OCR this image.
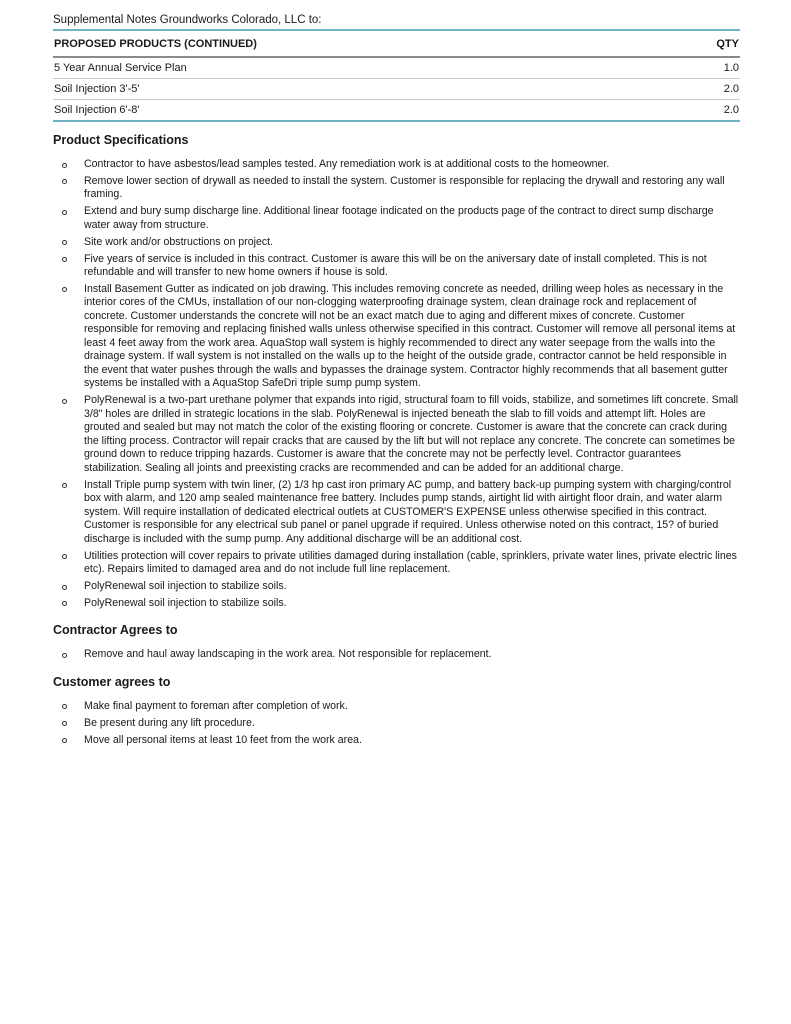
Supplemental Notes Groundworks Colorado, LLC to:
PROPOSED PRODUCTS (CONTINUED)	QTY
5 Year Annual Service Plan	1.0
Soil Injection 3'-5'	2.0
Soil Injection 6'-8'	2.0
Product Specifications
Contractor to have asbestos/lead samples tested. Any remediation work is at additional costs to the homeowner.
Remove lower section of drywall as needed to install the system. Customer is responsible for replacing the drywall and restoring any wall framing.
Extend and bury sump discharge line. Additional linear footage indicated on the products page of the contract to direct sump discharge water away from structure.
Site work and/or obstructions on project.
Five years of service is included in this contract. Customer is aware this will be on the aniversary date of install completed. This is not refundable and will transfer to new home owners if house is sold.
Install Basement Gutter as indicated on job drawing. This includes removing concrete as needed, drilling weep holes as necessary in the interior cores of the CMUs, installation of our non-clogging waterproofing drainage system, clean drainage rock and replacement of concrete. Customer understands the concrete will not be an exact match due to aging and different mixes of concrete. Customer responsible for removing and replacing finished walls unless otherwise specified in this contract. Customer will remove all personal items at least 4 feet away from the work area. AquaStop wall system is highly recommended to direct any water seepage from the walls into the drainage system. If wall system is not installed on the walls up to the height of the outside grade, contractor cannot be held responsible in the event that water pushes through the walls and bypasses the drainage system. Contractor highly recommends that all basement gutter systems be installed with a AquaStop SafeDri triple sump pump system.
PolyRenewal is a two-part urethane polymer that expands into rigid, structural foam to fill voids, stabilize, and sometimes lift concrete. Small 3/8" holes are drilled in strategic locations in the slab. PolyRenewal is injected beneath the slab to fill voids and attempt lift. Holes are grouted and sealed but may not match the color of the existing flooring or concrete. Customer is aware that the concrete can crack during the lifting process. Contractor will repair cracks that are caused by the lift but will not replace any concrete. The concrete can sometimes be ground down to reduce tripping hazards. Customer is aware that the concrete may not be perfectly level. Contractor guarantees stabilization. Sealing all joints and preexisting cracks are recommended and can be added for an additional charge.
Install Triple pump system with twin liner, (2) 1/3 hp cast iron primary AC pump, and battery back-up pumping system with charging/control box with alarm, and 120 amp sealed maintenance free battery. Includes pump stands, airtight lid with airtight floor drain, and water alarm system. Will require installation of dedicated electrical outlets at CUSTOMER'S EXPENSE unless otherwise specified in this contract. Customer is responsible for any electrical sub panel or panel upgrade if required. Unless otherwise noted on this contract, 15? of buried discharge is included with the sump pump. Any additional discharge will be an additional cost.
Utilities protection will cover repairs to private utilities damaged during installation (cable, sprinklers, private water lines, private electric lines etc). Repairs limited to damaged area and do not include full line replacement.
PolyRenewal soil injection to stabilize soils.
PolyRenewal soil injection to stabilize soils.
Contractor Agrees to
Remove and haul away landscaping in the work area. Not responsible for replacement.
Customer agrees to
Make final payment to foreman after completion of work.
Be present during any lift procedure.
Move all personal items at least 10 feet from the work area.
